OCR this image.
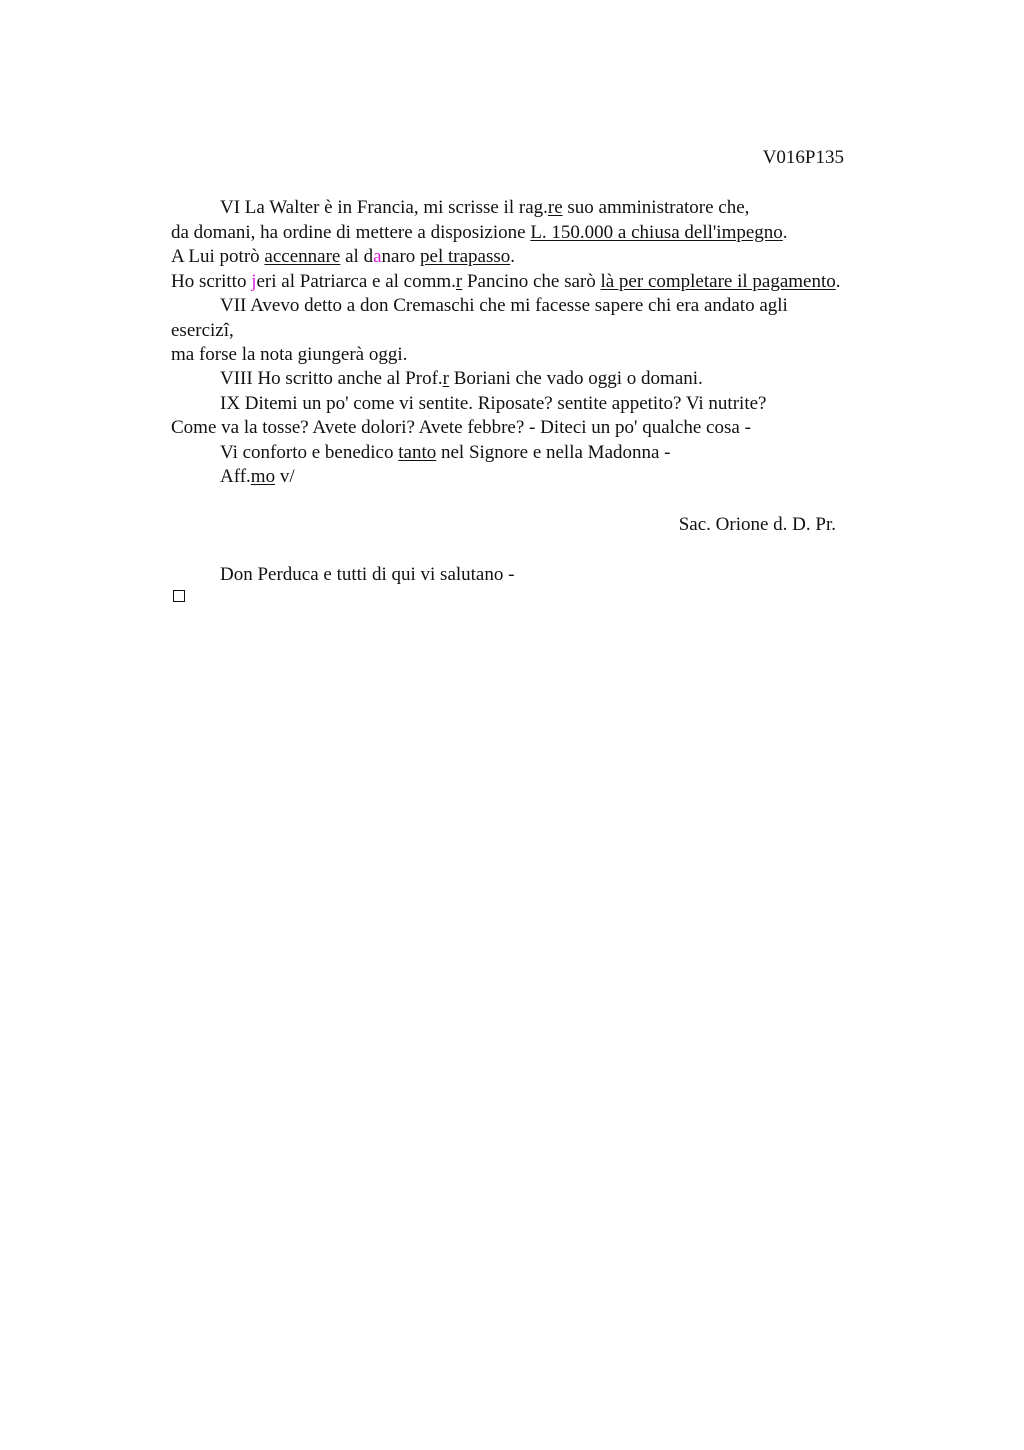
V016P135
VI La Walter è in Francia, mi scrisse il rag.re suo amministratore che,
da domani, ha ordine di mettere a disposizione L. 150.000 a chiusa dell'impegno.
A Lui potrò accennare al danaro pel trapasso.
Ho scritto jeri al Patriarca e al comm.r Pancino che sarò là per completare il pagamento.
VII Avevo detto a don Cremaschi che mi facesse sapere chi era andato agli
esercizi,
ma forse la nota giungerà oggi.
VIII Ho scritto anche al Prof.r Boriani che vado oggi o domani.
IX Ditemi un po' come vi sentite. Riposate? sentite appetito? Vi nutrite?
Come va la tosse? Avete dolori? Avete febbre? - Diteci un po' qualche cosa -
Vi conforto e benedico tanto nel Signore e nella Madonna -
Aff.mo v/
Sac. Orione d. D. Pr.
Don Perduca e tutti di qui vi salutano -
